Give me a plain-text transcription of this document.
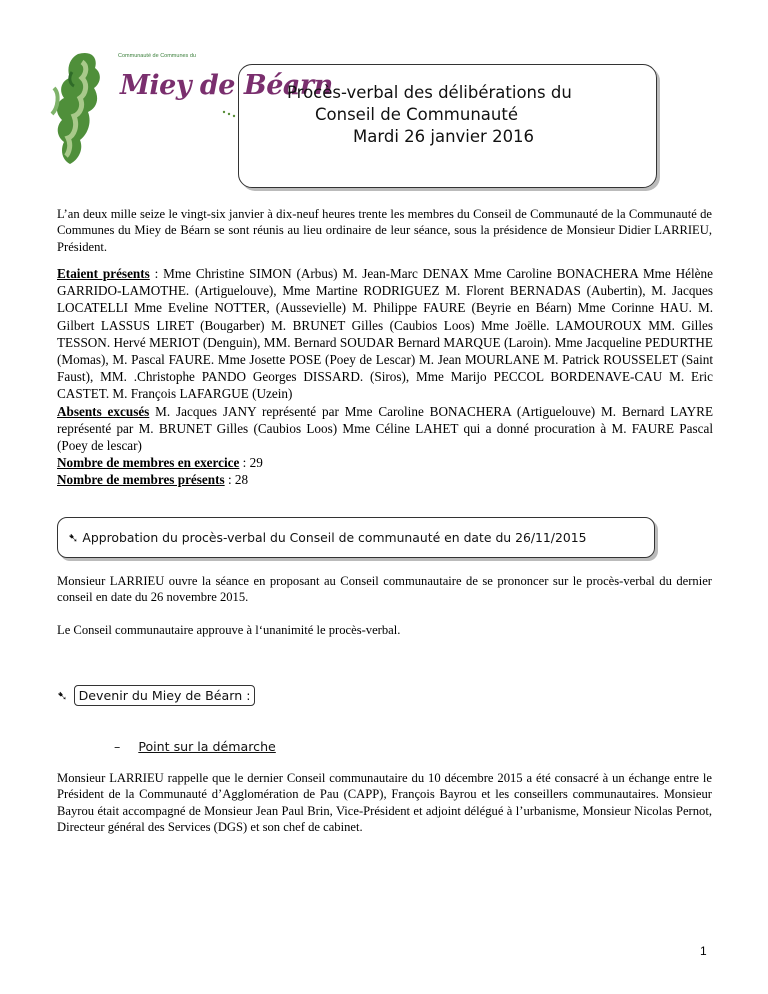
Communauté de Communes du
Miey de Béarn
Procès-verbal des délibérations du
Conseil de Communauté
Mardi 26 janvier 2016

L’an deux mille seize le vingt-six janvier à dix-neuf heures trente les membres du Conseil de Communauté de la Communauté de Communes du Miey de Béarn se sont réunis au lieu ordinaire de leur séance, sous la présidence de Monsieur Didier LARRIEU, Président.

Etaient présents : Mme Christine SIMON (Arbus) M. Jean-Marc DENAX Mme Caroline BONACHERA Mme Hélène GARRIDO-LAMOTHE. (Artiguelouve), Mme Martine RODRIGUEZ M. Florent BERNADAS (Aubertin), M. Jacques LOCATELLI Mme Eveline NOTTER, (Aussevielle) M. Philippe FAURE (Beyrie en Béarn) Mme Corinne HAU. M. Gilbert LASSUS LIRET (Bougarber) M. BRUNET Gilles (Caubios Loos) Mme Joëlle. LAMOUROUX MM. Gilles TESSON. Hervé MERIOT (Denguin), MM. Bernard SOUDAR Bernard MARQUE (Laroin). Mme Jacqueline PEDURTHE (Momas), M. Pascal FAURE. Mme Josette POSE (Poey de Lescar) M. Jean MOURLANE M. Patrick ROUSSELET (Saint Faust), MM. .Christophe PANDO Georges DISSARD. (Siros), Mme Marijo PECCOL BORDENAVE-CAU M. Eric CASTET. M. François LAFARGUE (Uzein)

Absents excusés M. Jacques JANY représenté par Mme Caroline BONACHERA (Artiguelouve) M. Bernard LAYRE représenté par M. BRUNET Gilles (Caubios Loos) Mme Céline LAHET qui a donné procuration à M. FAURE Pascal (Poey de lescar)

Nombre de membres en exercice : 29

Nombre de membres présents : 28

➷ Approbation du procès-verbal du Conseil de communauté en date du 26/11/2015

Monsieur LARRIEU ouvre la séance en proposant au Conseil communautaire de se prononcer sur le procès-verbal du dernier conseil en date du 26 novembre 2015.

Le Conseil communautaire approuve à l‘unanimité le procès-verbal.

➷ Devenir du Miey de Béarn :
– Point sur la démarche

Monsieur LARRIEU rappelle que le dernier Conseil communautaire du 10 décembre 2015 a été consacré à un échange entre le Président de la Communauté d’Agglomération de Pau (CAPP), François Bayrou et les conseillers communautaires. Monsieur Bayrou était accompagné de Monsieur Jean Paul Brin, Vice-Président et adjoint délégué à l’urbanisme, Monsieur Nicolas Pernot, Directeur général des Services (DGS) et son chef de cabinet.

1
